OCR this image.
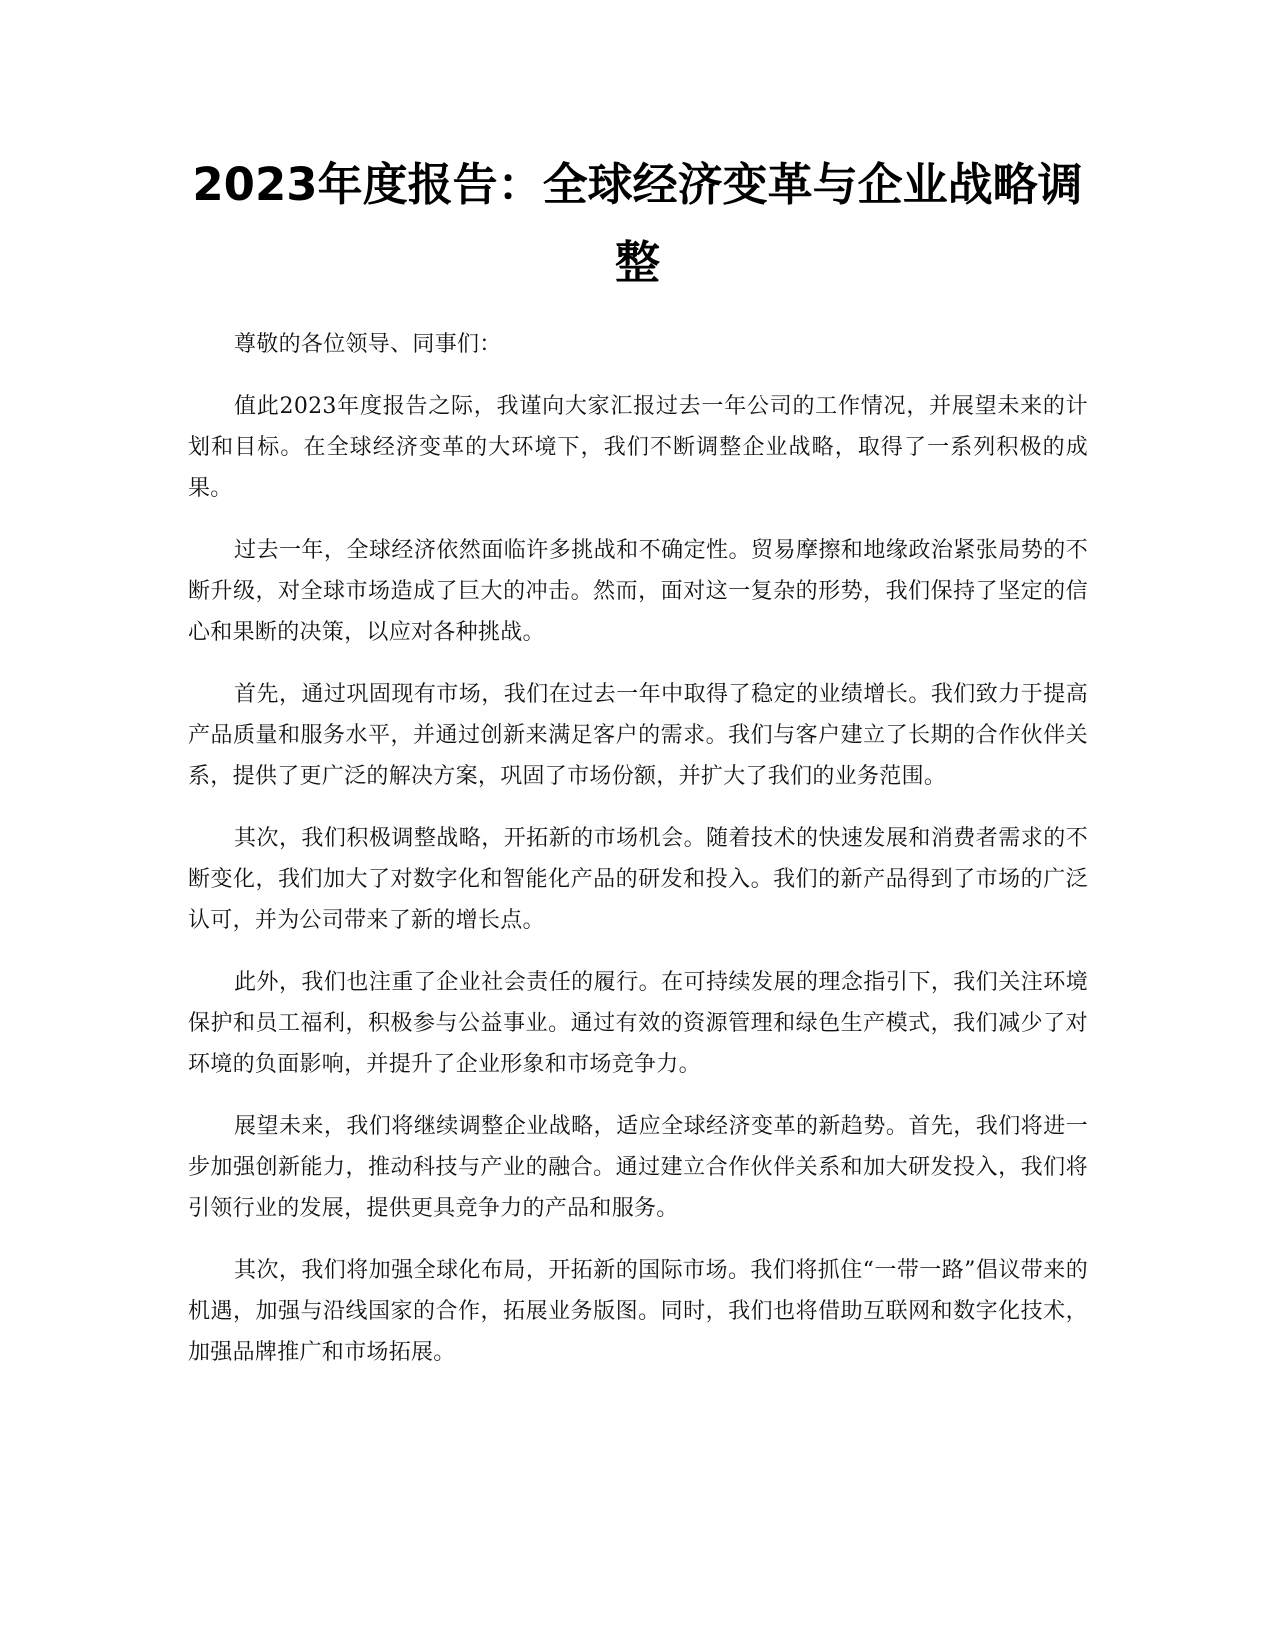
2023年度报告：全球经济变革与企业战略调整

尊敬的各位领导、同事们：

值此2023年度报告之际，我谨向大家汇报过去一年公司的工作情况，并展望未来的计划和目标。在全球经济变革的大环境下，我们不断调整企业战略，取得了一系列积极的成果。

过去一年，全球经济依然面临许多挑战和不确定性。贸易摩擦和地缘政治紧张局势的不断升级，对全球市场造成了巨大的冲击。然而，面对这一复杂的形势，我们保持了坚定的信心和果断的决策，以应对各种挑战。

首先，通过巩固现有市场，我们在过去一年中取得了稳定的业绩增长。我们致力于提高产品质量和服务水平，并通过创新来满足客户的需求。我们与客户建立了长期的合作伙伴关系，提供了更广泛的解决方案，巩固了市场份额，并扩大了我们的业务范围。

其次，我们积极调整战略，开拓新的市场机会。随着技术的快速发展和消费者需求的不断变化，我们加大了对数字化和智能化产品的研发和投入。我们的新产品得到了市场的广泛认可，并为公司带来了新的增长点。

此外，我们也注重了企业社会责任的履行。在可持续发展的理念指引下，我们关注环境保护和员工福利，积极参与公益事业。通过有效的资源管理和绿色生产模式，我们减少了对环境的负面影响，并提升了企业形象和市场竞争力。

展望未来，我们将继续调整企业战略，适应全球经济变革的新趋势。首先，我们将进一步加强创新能力，推动科技与产业的融合。通过建立合作伙伴关系和加大研发投入，我们将引领行业的发展，提供更具竞争力的产品和服务。

其次，我们将加强全球化布局，开拓新的国际市场。我们将抓住“一带一路”倡议带来的机遇，加强与沿线国家的合作，拓展业务版图。同时，我们也将借助互联网和数字化技术，加强品牌推广和市场拓展。
